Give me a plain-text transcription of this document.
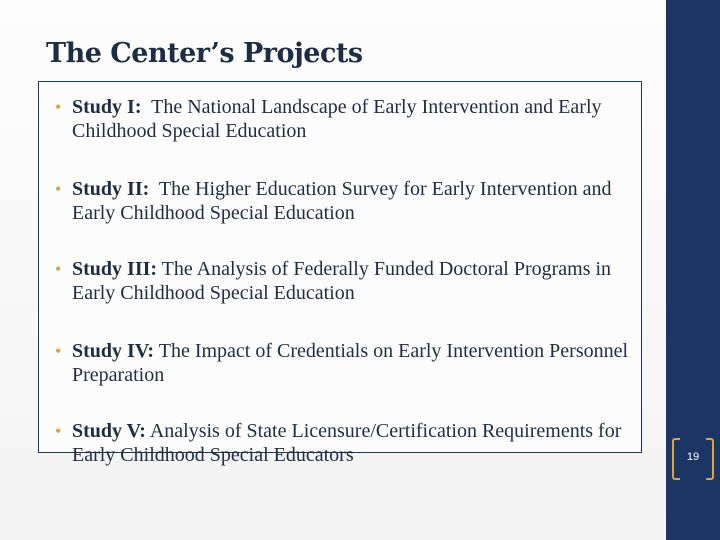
The Center’s Projects
• Study I:  The National Landscape of Early Intervention and Early Childhood Special Education
• Study II:  The Higher Education Survey for Early Intervention and Early Childhood Special Education
• Study III: The Analysis of Federally Funded Doctoral Programs in Early Childhood Special Education
• Study IV: The Impact of Credentials on Early Intervention Personnel Preparation
• Study V: Analysis of State Licensure/Certification Requirements for Early Childhood Special Educators	19
